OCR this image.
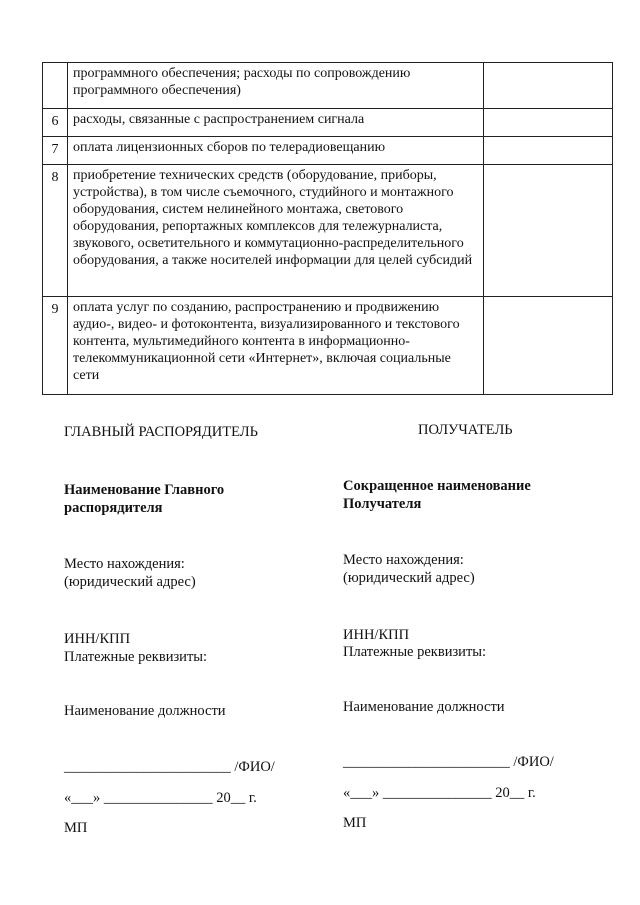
	программного обеспечения; расходы по сопровождению программного обеспечения)	
6	расходы, связанные с распространением сигнала	
7	оплата лицензионных сборов по телерадиовещанию	
8	приобретение технических средств (оборудование, приборы, устройства), в том числе съемочного, студийного и монтажного оборудования, систем нелинейного монтажа, светового оборудования, репортажных комплексов для тележурналиста, звукового, осветительного и коммутационно-распределительного оборудования, а также носителей информации для целей субсидий	
9	оплата услуг по созданию, распространению и продвижению аудио-, видео- и фотоконтента, визуализированного и текстового контента, мультимедийного контента в информационно-телекоммуникационной сети «Интернет», включая социальные сети	
ГЛАВНЫЙ РАСПОРЯДИТЕЛЬ
Наименование Главного
распорядителя
Место нахождения:
(юридический адрес)
ИНН/КПП
Платежные реквизиты:
Наименование должности
_______________________ /ФИО/
«___» _______________ 20__ г.
МП
ПОЛУЧАТЕЛЬ
Сокращенное наименование
Получателя
Место нахождения:
(юридический адрес)
ИНН/КПП
Платежные реквизиты:
Наименование должности
_______________________ /ФИО/
«___» _______________ 20__ г.
МП
